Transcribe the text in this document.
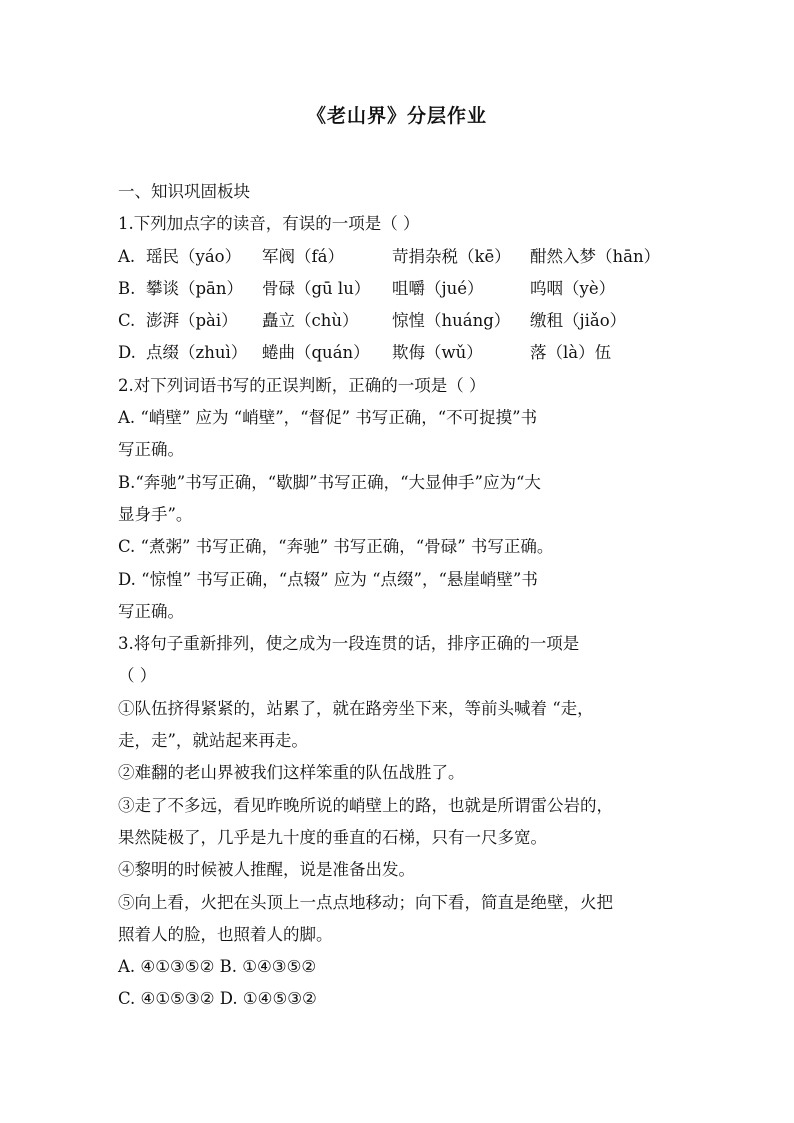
《老山界》分层作业
一、知识巩固板块
1.下列加点字的读音，有误的一项是（ ）
A. 瑶民（yáo）	军阀（fá）	苛捐杂税（kē）	酣然入梦（hān）
B. 攀谈（pān）	骨碌（gū lu）	咀嚼（jué）	呜咽（yè）
C. 澎湃（pài）	矗立（chù）	惊惶（huáng）	缴租（jiǎo）
D. 点缀（zhuì） 蜷曲（quán）	欺侮（wǔ）	落（là）伍
2.对下列词语书写的正误判断，正确的一项是（ ）
A. “峭壁” 应为 “峭壁”，“督促” 书写正确，“不可捉摸”书
写正确。
B.“奔驰”书写正确，“歇脚”书写正确，“大显伸手”应为“大
显身手”。
C. “煮粥” 书写正确，“奔驰” 书写正确，“骨碌” 书写正确。
D. “惊惶” 书写正确，“点辍” 应为 “点缀”，“悬崖峭壁”书
写正确。
3.将句子重新排列，使之成为一段连贯的话，排序正确的一项是
（ ）
①队伍挤得紧紧的，站累了，就在路旁坐下来，等前头喊着 “走，
走，走”，就站起来再走。
②难翻的老山界被我们这样笨重的队伍战胜了。
③走了不多远，看见昨晚所说的峭壁上的路，也就是所谓雷公岩的，
果然陡极了，几乎是九十度的垂直的石梯，只有一尺多宽。
④黎明的时候被人推醒，说是准备出发。
⑤向上看，火把在头顶上一点点地移动；向下看，简直是绝壁，火把
照着人的脸，也照着人的脚。
A. ④①③⑤② B. ①④③⑤②
C. ④①⑤③② D. ①④⑤③②
